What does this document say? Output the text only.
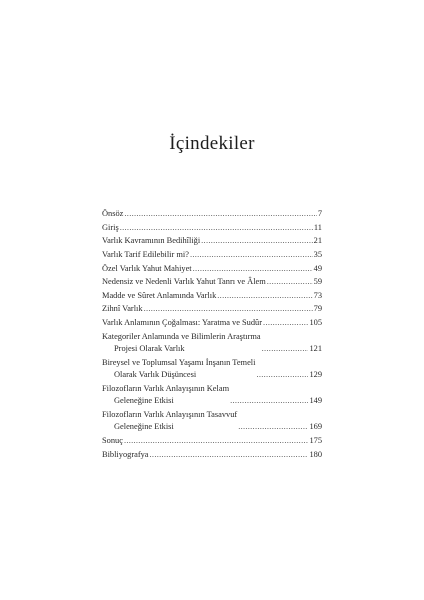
İçindekiler
Önsöz .....	7
Giriş .....	11
Varlık Kavramının Bedihîliği .....	21
Varlık Tarif Edilebilir mi? .....	35
Özel Varlık Yahut Mahiyet .....	49
Nedensiz ve Nedenli Varlık Yahut Tanrı ve Âlem .....	59
Madde ve Sûret Anlamında Varlık .....	73
Zihnî Varlık .....	79
Varlık Anlamının Çoğalması: Yaratma ve Sudûr .....	105
Kategoriler Anlamında ve Bilimlerin Araştırma
Projesi Olarak Varlık .....	121
Bireysel ve Toplumsal Yaşamı İnşanın Temeli
Olarak Varlık Düşüncesi .....	129
Filozofların Varlık Anlayışının Kelam
Geleneğine Etkisi .....	149
Filozofların Varlık Anlayışının Tasavvuf
Geleneğine Etkisi .....	169
Sonuç .....	175
Bibliyografya .....	180
